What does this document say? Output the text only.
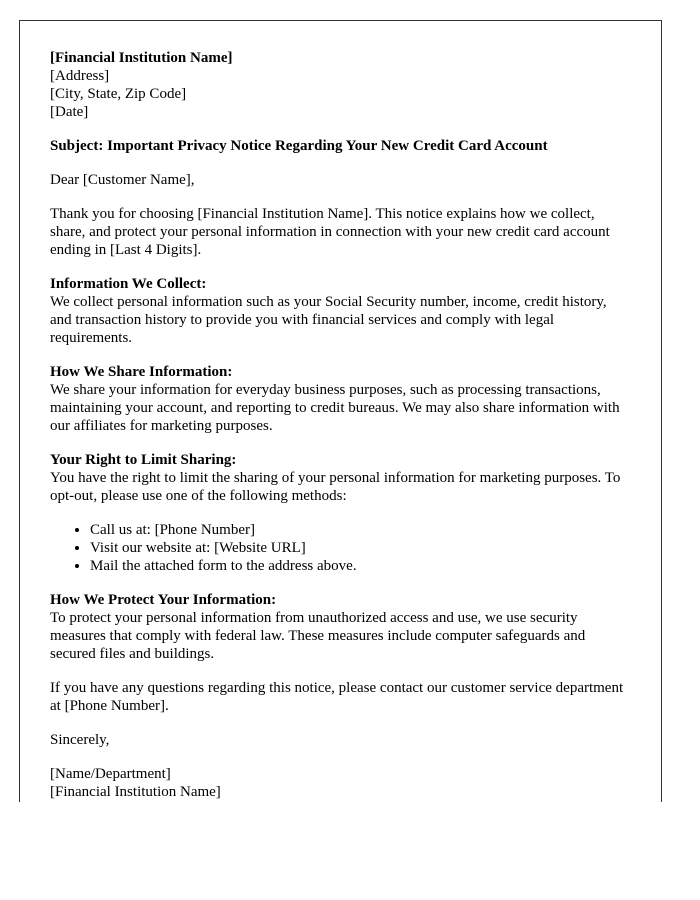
[Financial Institution Name]
[Address]
[City, State, Zip Code]
[Date]

Subject: Important Privacy Notice Regarding Your New Credit Card Account

Dear [Customer Name],

Thank you for choosing [Financial Institution Name]. This notice explains how we collect, share, and protect your personal information in connection with your new credit card account ending in [Last 4 Digits].

Information We Collect:
We collect personal information such as your Social Security number, income, credit history, and transaction history to provide you with financial services and comply with legal requirements.
How We Share Information:
We share your information for everyday business purposes, such as processing transactions, maintaining your account, and reporting to credit bureaus. We may also share information with our affiliates for marketing purposes.
Your Right to Limit Sharing:
You have the right to limit the sharing of your personal information for marketing purposes. To opt-out, please use one of the following methods:
• Call us at: [Phone Number]
• Visit our website at: [Website URL]
• Mail the attached form to the address above.
How We Protect Your Information:
To protect your personal information from unauthorized access and use, we use security measures that comply with federal law. These measures include computer safeguards and secured files and buildings.

If you have any questions regarding this notice, please contact our customer service department at [Phone Number].

Sincerely,

[Name/Department]
[Financial Institution Name]
